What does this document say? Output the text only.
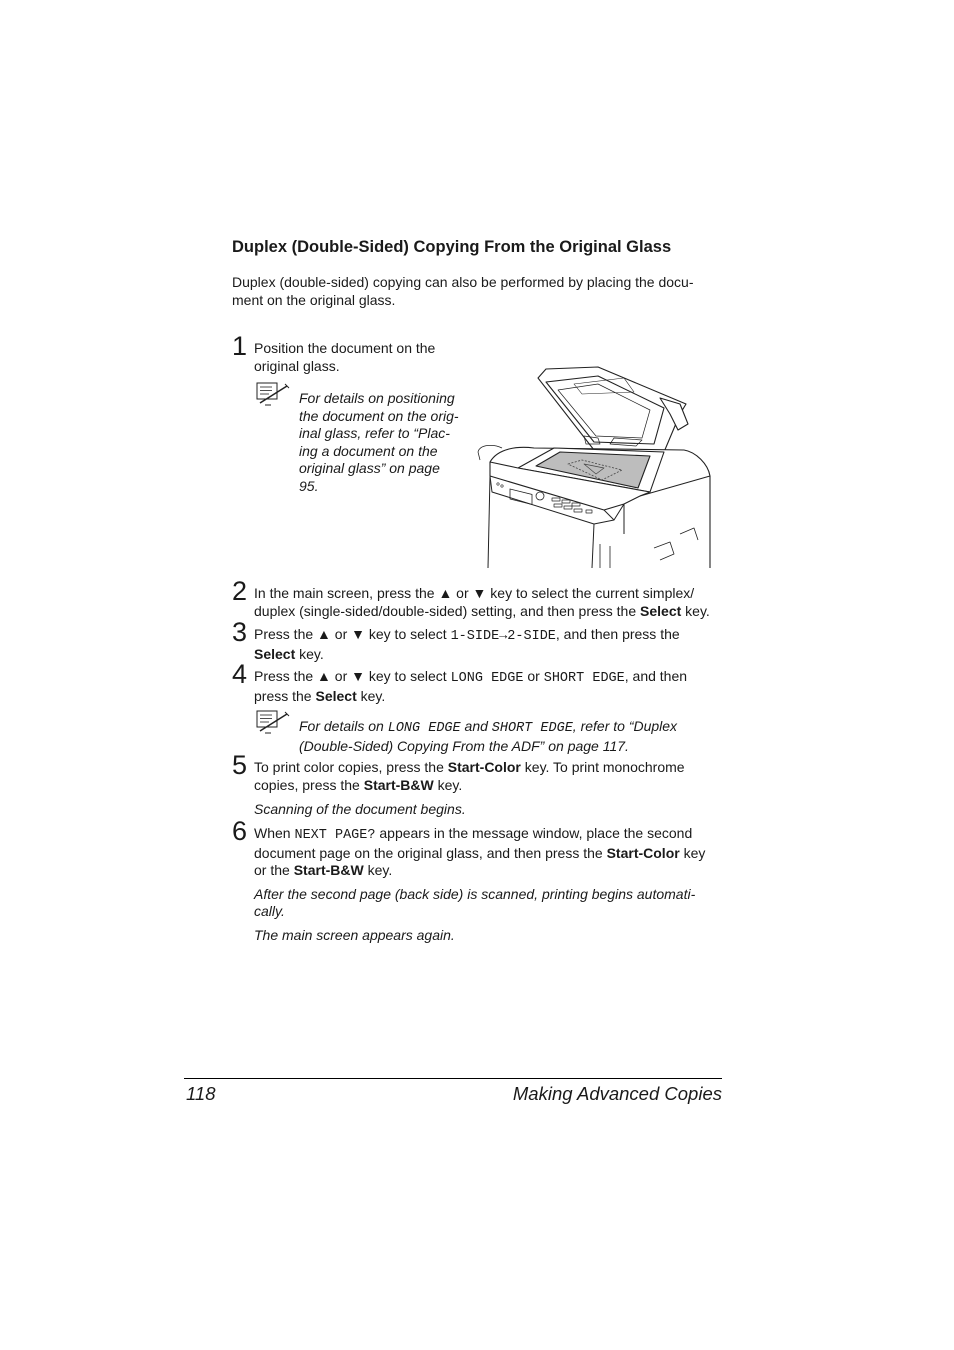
Duplex (Double-Sided) Copying From the Original Glass
Duplex (double-sided) copying can also be performed by placing the docu-
ment on the original glass.
1 Position the document on the
original glass.
For details on positioning
the document on the orig-
inal glass, refer to “Plac-
ing a document on the
original glass” on page
95.
2 In the main screen, press the ▲ or ▼ key to select the current simplex/
duplex (single-sided/double-sided) setting, and then press the Select key.
3 Press the ▲ or ▼ key to select 1-SIDE→2-SIDE, and then press the
Select key.
4 Press the ▲ or ▼ key to select LONG EDGE or SHORT EDGE, and then
press the Select key.
For details on LONG EDGE and SHORT EDGE, refer to “Duplex
(Double-Sided) Copying From the ADF” on page 117.
5 To print color copies, press the Start-Color key. To print monochrome
copies, press the Start-B&W key.
Scanning of the document begins.
6 When NEXT PAGE? appears in the message window, place the second
document page on the original glass, and then press the Start-Color key
or the Start-B&W key.
After the second page (back side) is scanned, printing begins automati-
cally.
The main screen appears again.
118	Making Advanced Copies
